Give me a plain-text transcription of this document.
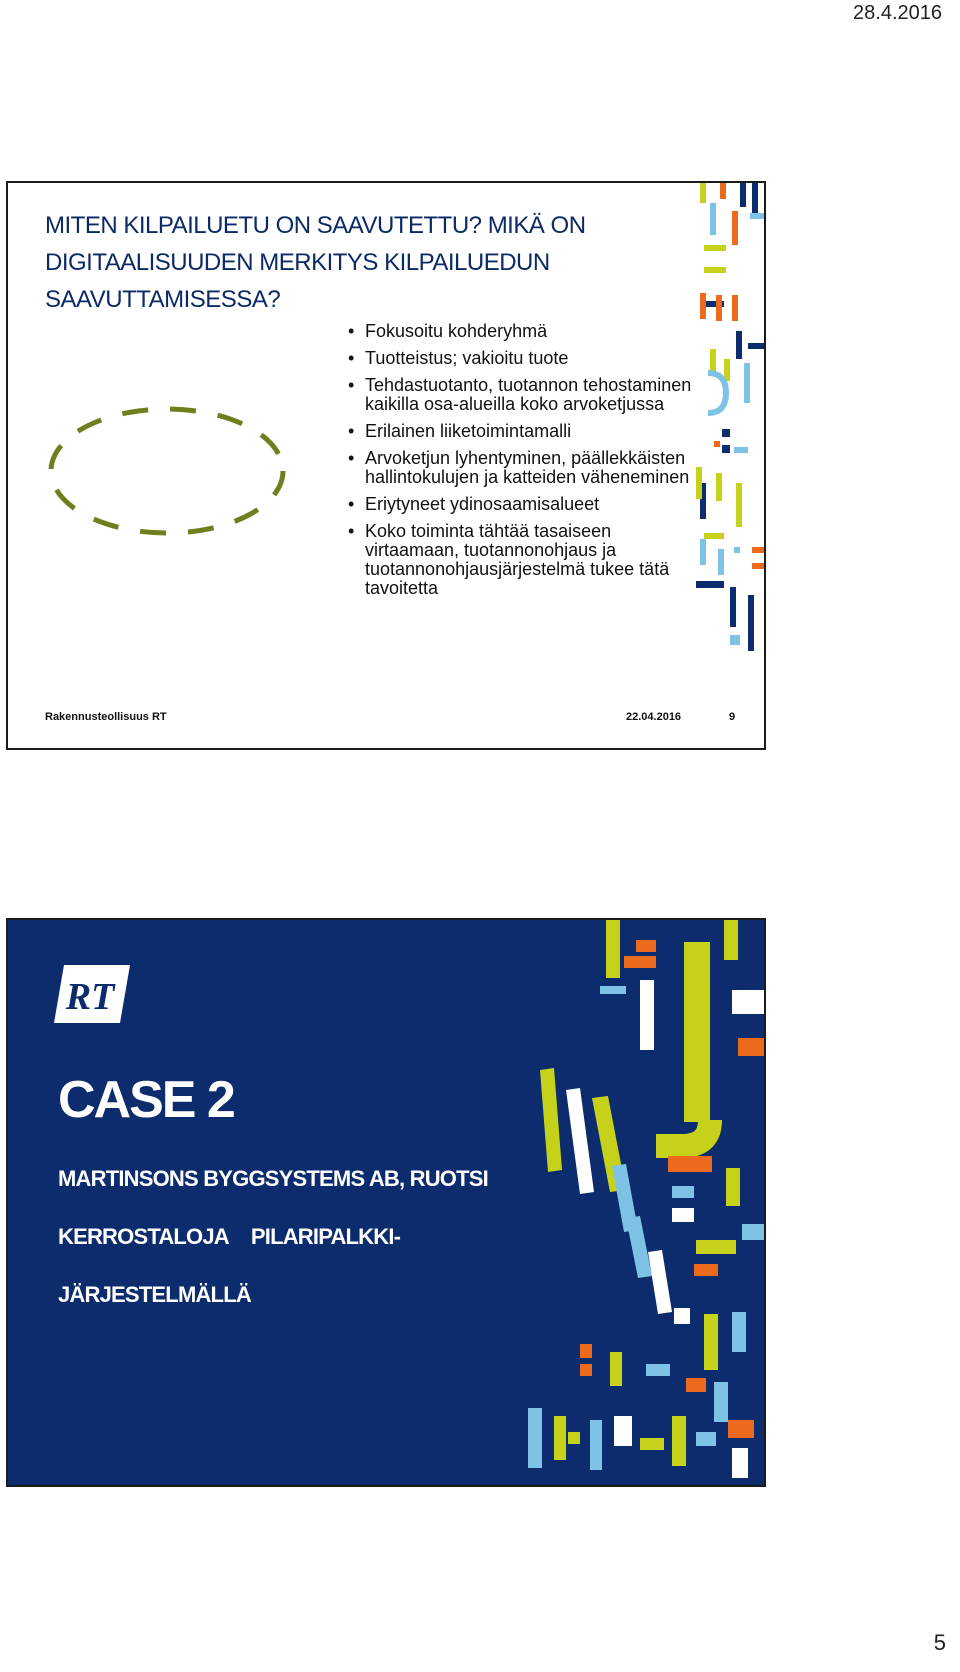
28.4.2016
MITEN KILPAILUETU ON SAAVUTETTU? MIKÄ ON DIGITAALISUUDEN MERKITYS KILPAILUEDUN SAAVUTTAMISESSA?
• Fokusoitu kohderyhmä
• Tuotteistus; vakioitu tuote
• Tehdastuotanto, tuotannon tehostaminen kaikilla osa-alueilla koko arvoketjussa
• Erilainen liiketoimintamalli
• Arvoketjun lyhentyminen, päällekkäisten hallintokulujen ja katteiden väheneminen
• Eriytyneet ydinosaamisalueet
• Koko toiminta tähtää tasaiseen virtaamaan, tuotannonohjaus ja tuotannonohjausjärjestelmä tukee tätä tavoitetta
Rakennusteollisuus RT	22.04.2016	9
RT
CASE 2

MARTINSONS BYGGSYSTEMS AB, RUOTSI

KERROSTALOJA PILARIPALKKI-

JÄRJESTELMÄLLÄ

5
